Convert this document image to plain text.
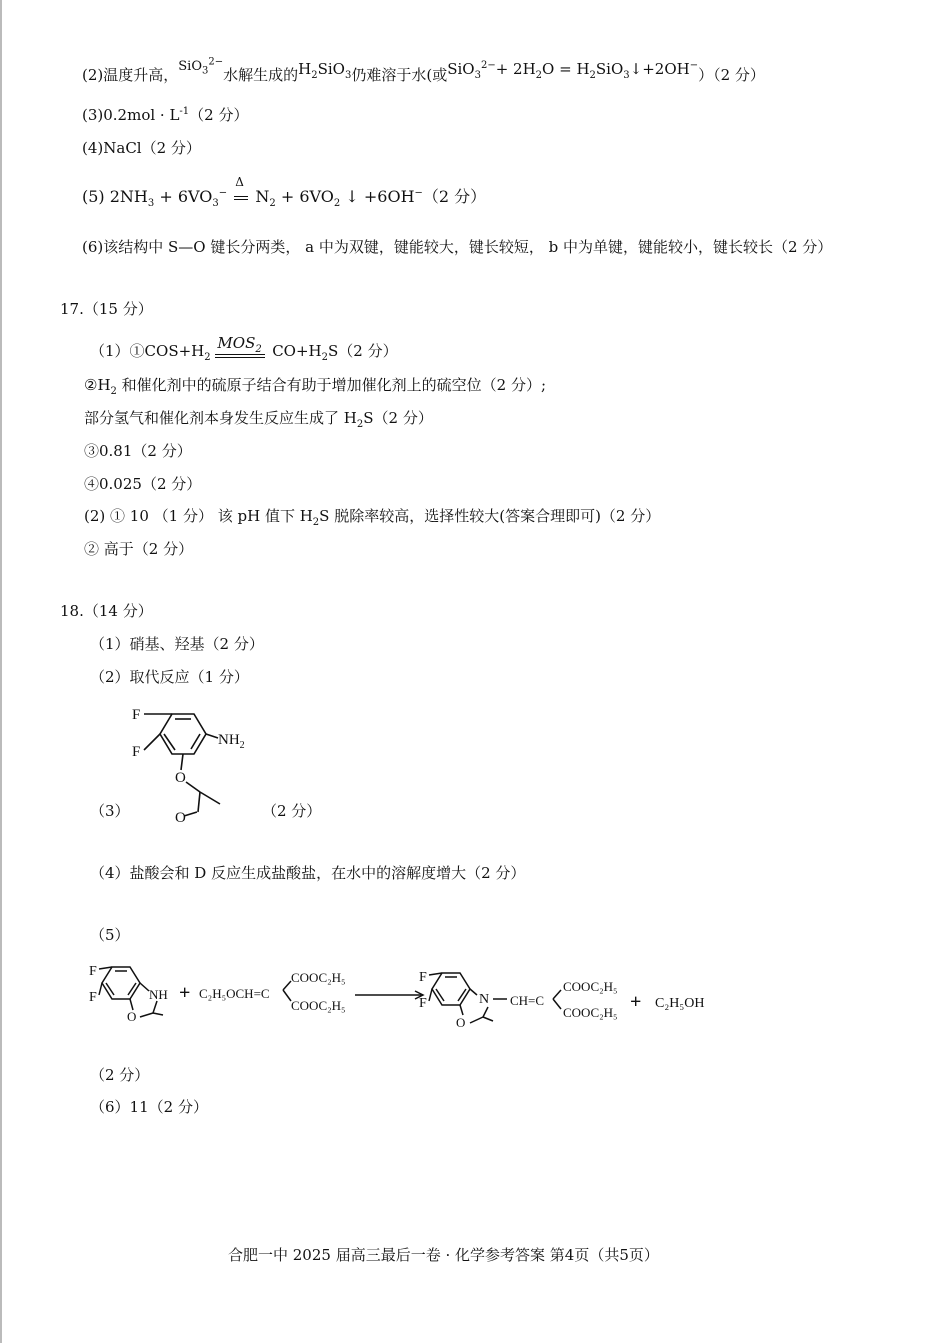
(2)温度升高，SiO$_3^{2-}$水解生成的$H_2SiO_3$仍难溶于水(或$SiO_3^{2-}+ 2H_2O$ = $H_2SiO_3↓+2OH^-)(2$ 分）
$(3)0.2mol \cdot L^{-1}(2$ 分）
(4)NaCl（2 分）
(5) $2NH_3 + 6VO_3^-$
Δ
$N_2 + 6VO_2$ ↓ +6OH−（2 分）
(6)该结构中 S—O 键长分两类， a 中为双键，键能较大，键长较短， b 中为单键，键能较小，键长较长（2 分）
17.（15 分）
$(1)①COS+H_2$
$MOS_2$ $CO+H_2S(2$ 分）
$②H_2$ 和催化剂中的硫原子结合有助于增加催化剂上的硫空位（2 分）;
部分氢气和催化剂本身发生反应生成了 $H_2S(2$ 分）
③0.81（2 分）
④0.025（2 分）
(2) ① 10 （1 分） 该 pH 值下 $H_2S$ 脱除率较高，选择性较大(答案合理即可)（2 分）
② 高于（2 分）
18.（14 分）
（1）硝基、羟基（2 分）
（2）取代反应（1 分）
F
F
$NH_2$
O
O
（3）	（2 分）
（4）盐酸会和 D 反应生成盐酸盐，在水中的溶解度增大（2 分）
（5）
F
F	NH
O
+ C₂H₅OCH=C
COOC₂H₅
COOC₂H₅
F
F	N
O
CH=C
COOC₂H₅
COOC₂H₅ + C₂H₅OH
（2 分）
（6）11（2 分）
合肥一中 2025 届高三最后一卷 · 化学参考答案 第4页（共5页）
